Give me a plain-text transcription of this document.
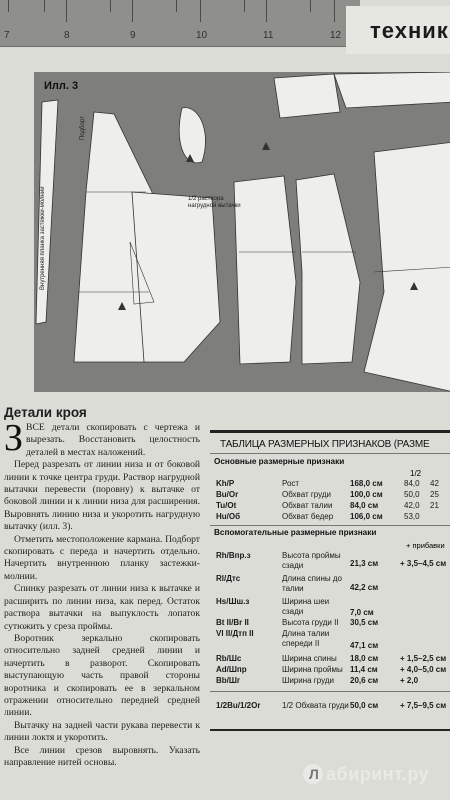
7	8	9	10	11	12 техник
Илл. 3
Подборт
Внутренняя планка застежки-молнии	1/2 раствора нагрудной вытачки
Детали кроя

ЗВСЕ детали скопировать с чертежа и вырезать. Восстановить целостность деталей в местах наложений.

Перед разрезать от линии низа и от боковой линии к точке центра груди. Раствор нагрудной вытачки перевести (поровну) к вытачке от боковой линии и к линии низа для расширения. Выровнять линию низа и укоротить нагрудную вытачку (илл. 3).

Отметить местоположение кармана. Подборт скопировать с переда и начертить отдельно. Начертить внутреннюю планку застежки-молнии.

Спинку разрезать от линии низа к вытачке и расширить по линии низа, как перед. Остаток раствора вытачки на выпуклость лопаток сутюжить у среза проймы.

Воротник зеркально скопировать относительно задней средней линии и начертить в разворот. Скопировать выступающую часть правой стороны воротника и скопировать ее в зеркальном отражении относительно передней средней линии.

Вытачку на задней части рукава перевести к линии локтя и укоротить.

Все линии срезов выровнять. Указать направление нитей основы.

ТАБЛИЦА РАЗМЕРНЫХ ПРИЗНАКОВ (РАЗМЕ
Основные размерные признаки
1/2
Kh/P	Рост	168,0 см	84,0 42
Bu/Or	Обхват груди 100,0 см	50,0 25
Tu/Ot	Обхват талии 84,0 см	42,0 21
Hu/Oб	Обхват бедер 106,0 см	53,0
Вспомогательные размерные признаки
+ прибавки
Rh/Bпр.з	Высота проймы сзади	21,3 см	+ 3,5–4,5 см
Rl/Дтс	Длина спины до талии	42,2 см
Hs/Шш.з	Ширина шеи сзади	7,0 см
Bt II/Br II	Высота груди II 30,5 см
Vl II/Дтп II	Длина талии спереди II	47,1 см
Rb/Шс	Ширина спины 18,0 см	+ 1,5–2,5 см
Ad/Шпр	Ширина проймы 11,4 см	+ 4,0–5,0 см
Bb/Шг	Ширина груди 20,6 см	+ 2,0
1/2Bu/1/2Or	1/2 Обхвата груди 50,0 см	+ 7,5–9,5 см
Л абиринт.ру
